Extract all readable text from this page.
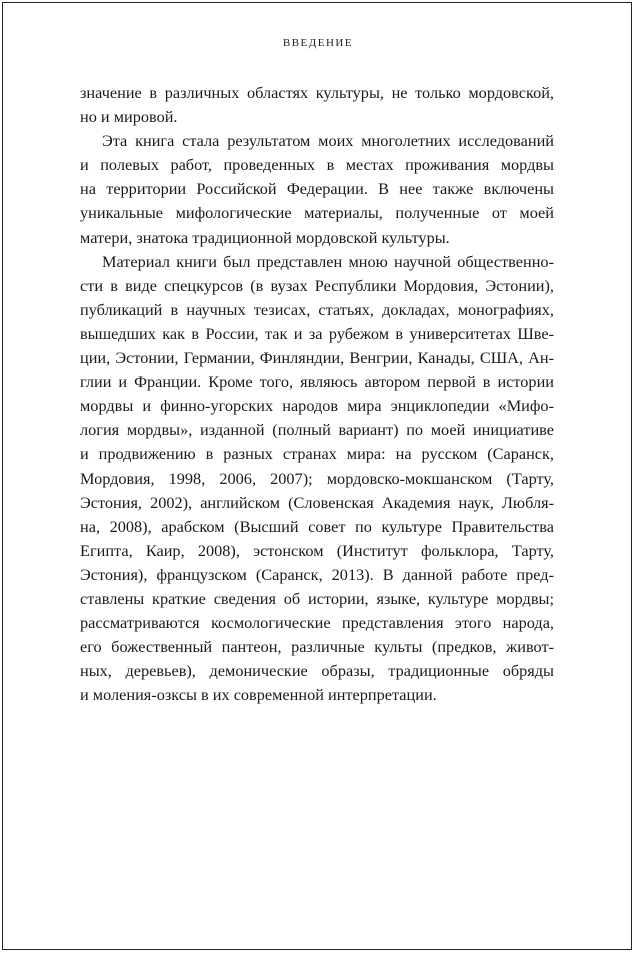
ВВЕДЕНИЕ
значение в различных областях культуры, не только мордовской,
но и мировой.
Эта книга стала результатом моих многолетних исследований
и полевых работ, проведенных в местах проживания мордвы
на территории Российской Федерации. В нее также включены
уникальные мифологические материалы, полученные от моей
матери, знатока традиционной мордовской культуры.
Материал книги был представлен мною научной общественно-
сти в виде спецкурсов (в вузах Республики Мордовия, Эстонии),
публикаций в научных тезисах, статьях, докладах, монографиях,
вышедших как в России, так и за рубежом в университетах Шве-
ции, Эстонии, Германии, Финляндии, Венгрии, Канады, США, Ан-
глии и Франции. Кроме того, являюсь автором первой в истории
мордвы и финно-угорских народов мира энциклопедии «Мифо-
логия мордвы», изданной (полный вариант) по моей инициативе
и продвижению в разных странах мира: на русском (Саранск,
Мордовия, 1998, 2006, 2007); мордовско-мокшанском (Тарту,
Эстония, 2002), английском (Словенская Академия наук, Любля-
на, 2008), арабском (Высший совет по культуре Правительства
Египта, Каир, 2008), эстонском (Институт фольклора, Тарту,
Эстония), французском (Саранск, 2013). В данной работе пред-
ставлены краткие сведения об истории, языке, культуре мордвы;
рассматриваются космологические представления этого народа,
его божественный пантеон, различные культы (предков, живот-
ных, деревьев), демонические образы, традиционные обряды
и моления-озксы в их современной интерпретации.
